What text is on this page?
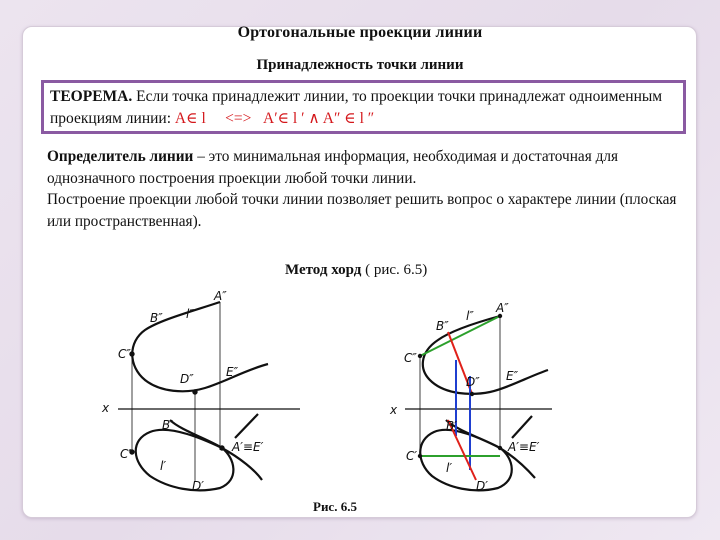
Ортогональные проекции линии
Принадлежность точки линии
ТЕОРЕМА. Если точка принадлежит линии, то проекции точки принадлежат одноименным проекциям линии: A∈ l <=> A′∈ l ′ ∧ A″ ∈ l ″
Определитель линии – это минимальная информация, необходимая и достаточная для однозначного построения проекции любой точки линии.
Построение проекции любой точки линии позволяет решить вопрос о характере линии (плоская или пространственная).
Метод хорд ( рис. 6.5)
B″ l″
A″
C″
D″	E″
x
B′
C′
l′
A′≡E′
D′
B″
l″
A″
C″
D″ E″
x
B′
C′
l′
A′≡E′
D′
Рис. 6.5
